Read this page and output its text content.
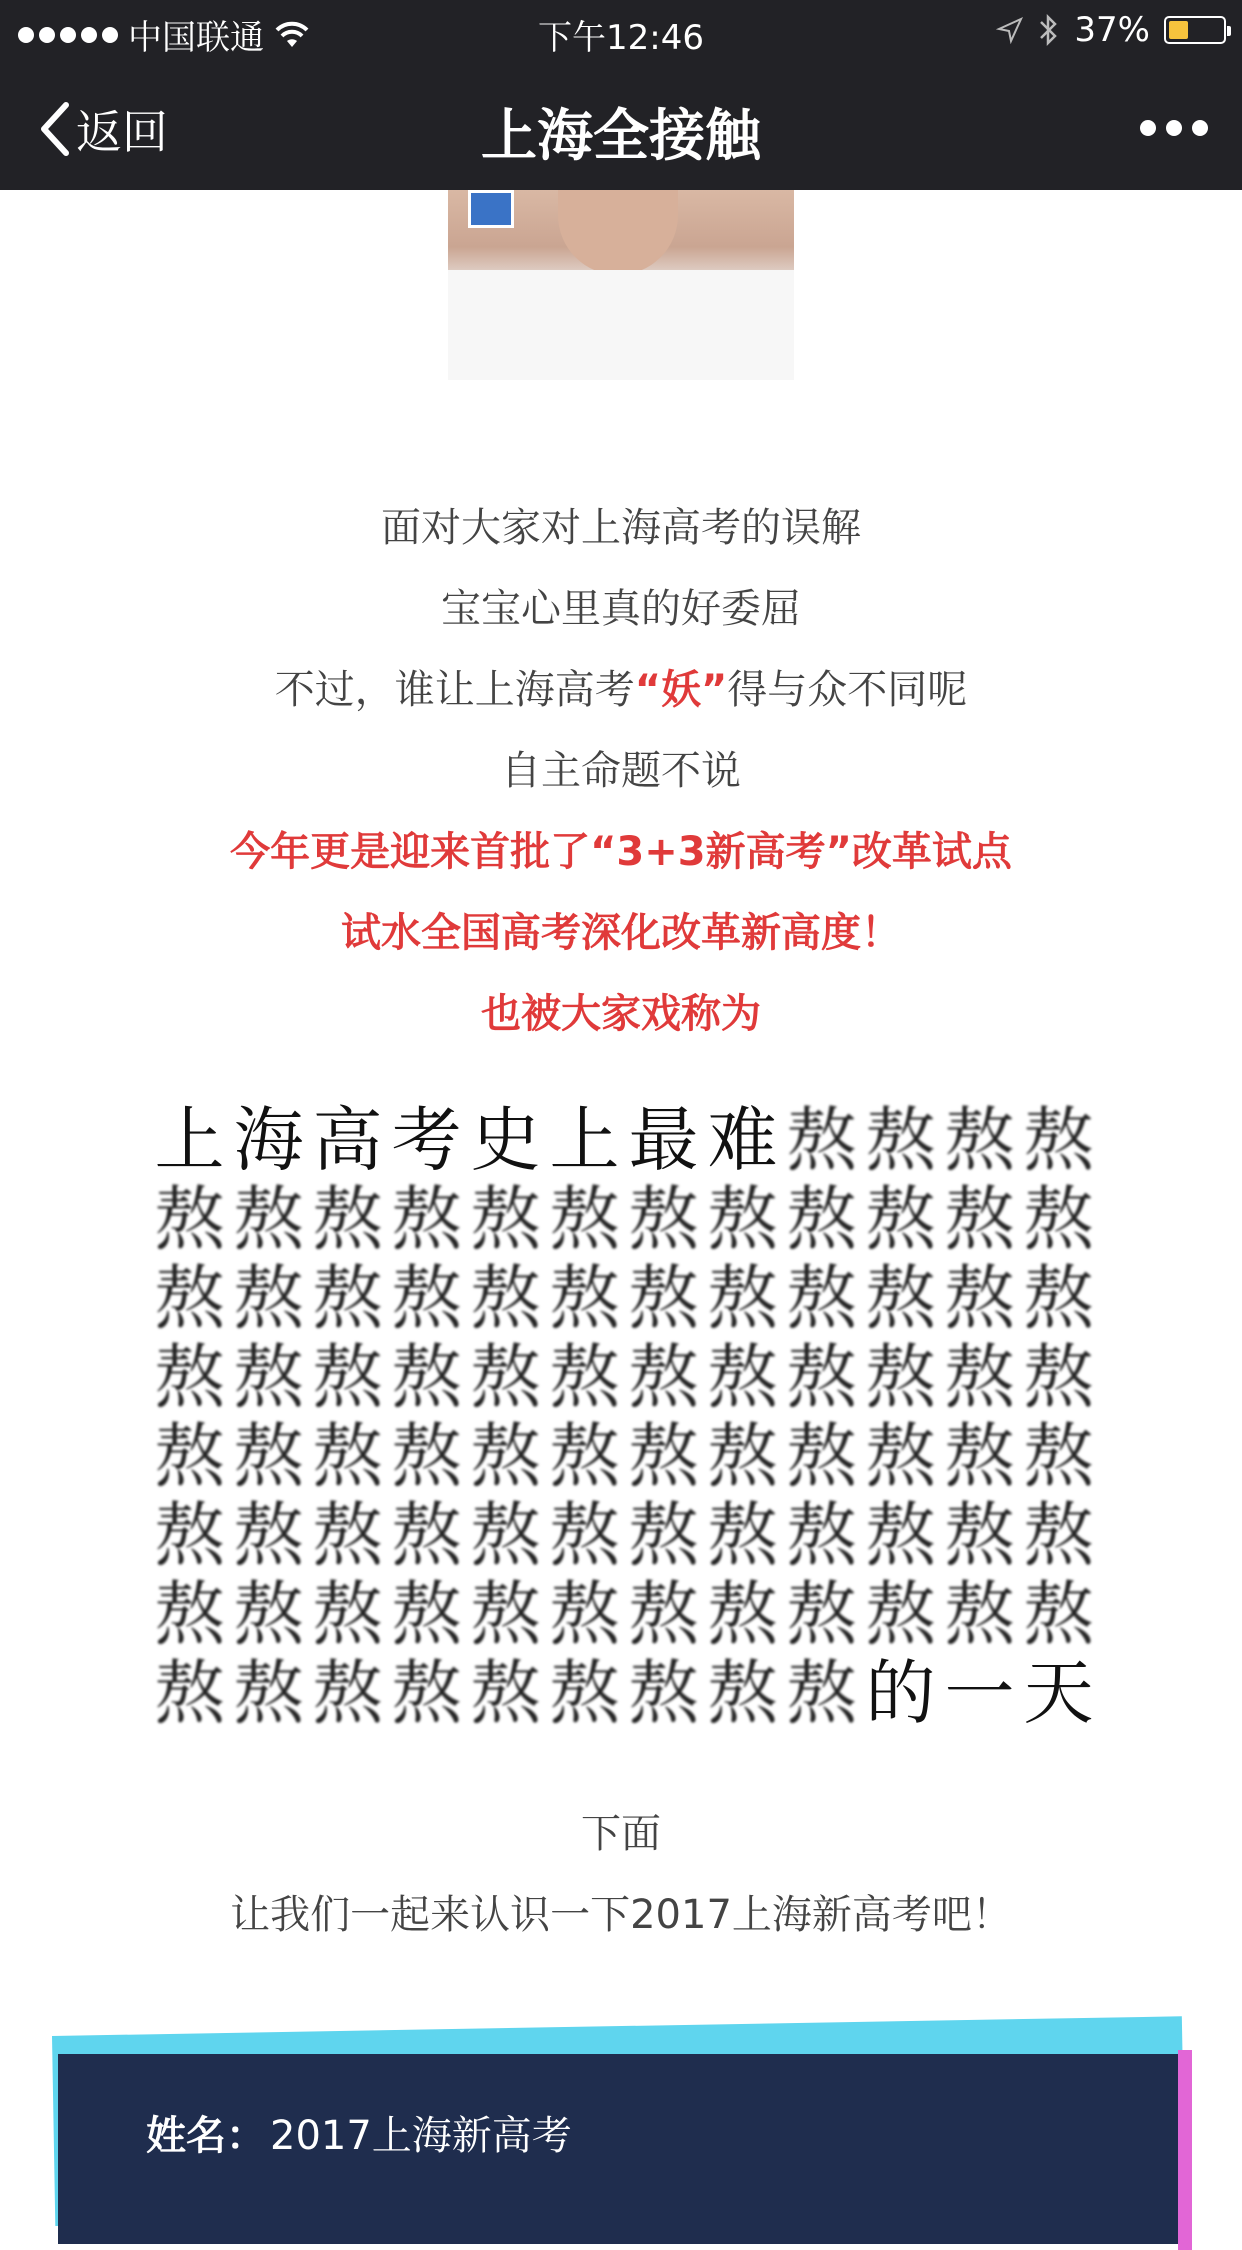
中国联通	下午12:46	37%
返回	上海全接触
面对大家对上海高考的误解
宝宝心里真的好委屈
不过，谁让上海高考“妖”得与众不同呢
自主命题不说
今年更是迎来首批了“3+3新高考”改革试点
试水全国高考深化改革新高度！
也被大家戏称为
上 海 高 考 史 上 最 难 熬 熬 熬 熬
熬 熬 熬 熬 熬 熬 熬 熬 熬 熬 熬 熬
熬 熬 熬 熬 熬 熬 熬 熬 熬 熬 熬 熬
熬 熬 熬 熬 熬 熬 熬 熬 熬 熬 熬 熬
熬 熬 熬 熬 熬 熬 熬 熬 熬 熬 熬 熬
熬 熬 熬 熬 熬 熬 熬 熬 熬 熬 熬 熬
熬 熬 熬 熬 熬 熬 熬 熬 熬 熬 熬 熬
熬 熬 熬 熬 熬 熬 熬 熬 熬 的 一 天
下面
让我们一起来认识一下2017上海新高考吧！
姓名： 2017上海新高考
